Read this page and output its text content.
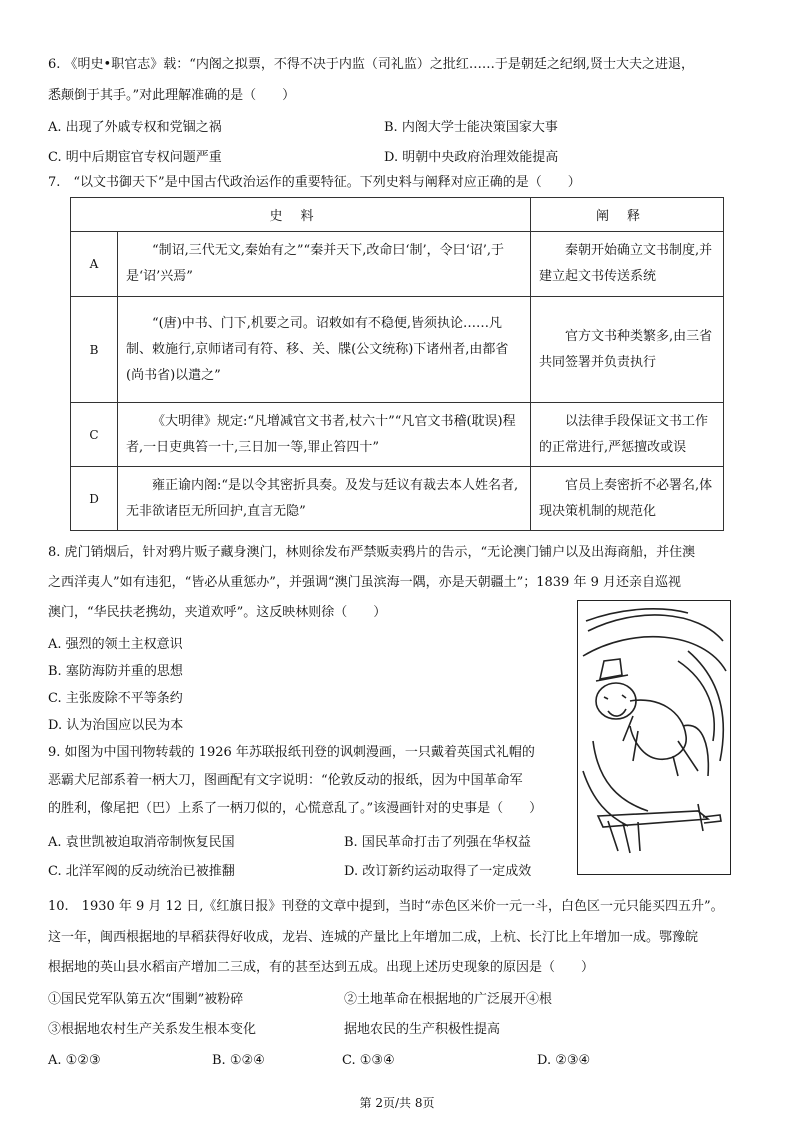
6. 《明史•职官志》载：“内阁之拟票，不得不决于内监（司礼监）之批红……于是朝廷之纪纲,贤士大夫之进退，
悉颠倒于其手。”对此理解准确的是（　　）
A. 出现了外戚专权和党锢之祸	B. 内阁大学士能决策国家大事
C. 明中后期宦官专权问题严重	D. 明朝中央政府治理效能提高
7.　“以文书御天下”是中国古代政治运作的重要特征。下列史料与阐释对应正确的是（　　）
史料		阐释
A	“制诏,三代无文,秦始有之”“秦并天下,改命曰‘制’，令曰‘诏’,于是‘诏’兴焉”	秦朝开始确立文书制度,并建立起文书传送系统
B	“(唐)中书、门下,机要之司。诏敕如有不稳便,皆须执论……凡制、敕施行,京师诸司有符、移、关、牒(公文统称)下诸州者,由都省(尚书省)以遣之”	官方文书种类繁多,由三省共同签署并负责执行
C	《大明律》规定:“凡增减官文书者,杖六十”“凡官文书稽(耽误)程者,一日吏典笞一十,三日加一等,罪止笞四十”	以法律手段保证文书工作的正常进行,严惩擅改或误
D	雍正谕内阁:“是以令其密折具奏。及发与廷议有裁去本人姓名者,无非欲诸臣无所回护,直言无隐”	官员上奏密折不必署名,体现决策机制的规范化
8. 虎门销烟后，针对鸦片贩子藏身澳门，林则徐发布严禁贩卖鸦片的告示，“无论澳门铺户以及出海商船，并住澳
之西洋夷人”如有违犯，“皆必从重惩办”，并强调“澳门虽滨海一隅，亦是天朝疆土”；1839 年 9 月还亲自巡视
澳门，“华民扶老携幼，夹道欢呼”。这反映林则徐（　　）
A. 强烈的领土主权意识
B. 塞防海防并重的思想
C. 主张废除不平等条约
D. 认为治国应以民为本
9. 如图为中国刊物转载的 1926 年苏联报纸刊登的讽刺漫画，一只戴着英国式礼帽的
恶霸犬尼部系着一柄大刀，图画配有文字说明：“伦敦反动的报纸，因为中国革命军
的胜利，像尾把（巴）上系了一柄刀似的，心慌意乱了。”该漫画针对的史事是（　　）
A. 袁世凯被迫取消帝制恢复民国	B. 国民革命打击了列强在华权益
C. 北洋军阀的反动统治已被推翻	D. 改订新约运动取得了一定成效
10.　1930 年 9 月 12 日,《红旗日报》刊登的文章中提到，当时“赤色区米价一元一斗，白色区一元只能买四五升”。
这一年，闽西根据地的早稻获得好收成，龙岩、连城的产量比上年增加二成，上杭、长汀比上年增加一成。鄂豫皖
根据地的英山县水稻亩产增加二三成，有的甚至达到五成。出现上述历史现象的原因是（　　）
①国民党军队第五次“围剿”被粉碎	②土地革命在根据地的广泛展开④根
③根据地农村生产关系发生根本变化	据地农民的生产积极性提高
A. ①②③	B. ①②④	C. ①③④	D. ②③④
第 2页/共 8页
